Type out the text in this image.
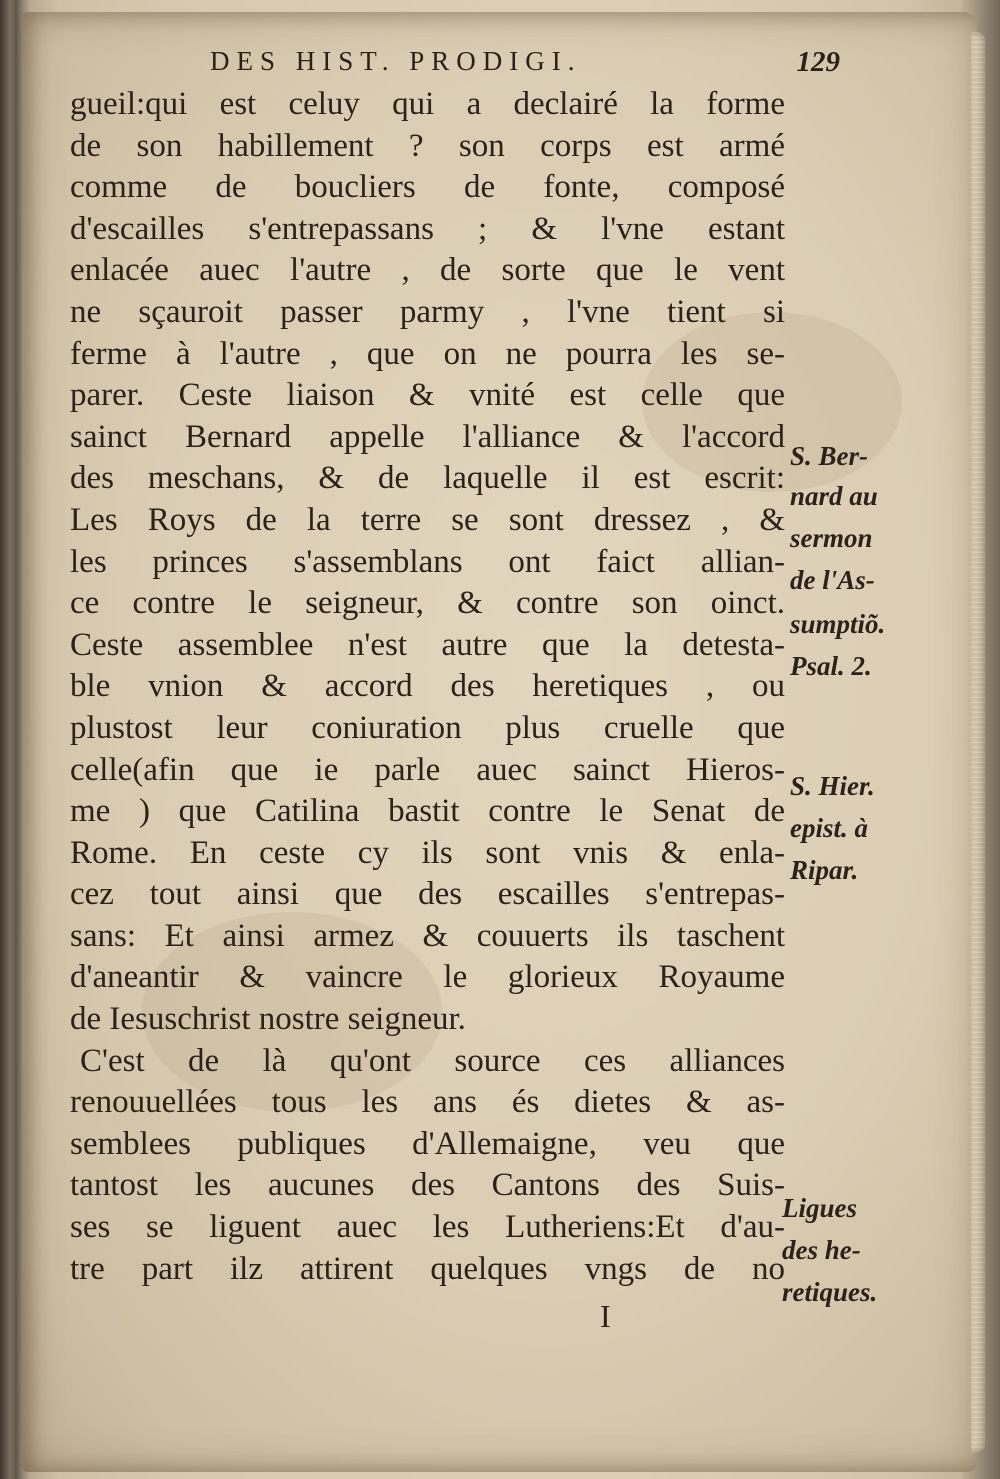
DES HIST. PRODIGI.	129
gueil:qui est celuy qui a declairé la forme
de son habillement ? son corps est armé
comme de boucliers de fonte, composé
d'escailles s'entrepassans ; & l'vne estant
enlacée auec l'autre , de sorte que le vent
ne sçauroit passer parmy , l'vne tient si
ferme à l'autre , que on ne pourra les se-
parer. Ceste liaison & vnité est celle que
sainct Bernard appelle l'alliance & l'accord
des meschans, & de laquelle il est escrit:
Les Roys de la terre se sont dressez , &
les princes s'assemblans ont faict allian-
ce contre le seigneur, & contre son oinct.
Ceste assemblee n'est autre que la detesta-
ble vnion & accord des heretiques , ou
plustost leur coniuration plus cruelle que
celle(afin que ie parle auec sainct Hieros-
me ) que Catilina bastit contre le Senat de
Rome. En ceste cy ils sont vnis & enla-
cez tout ainsi que des escailles s'entrepas-
sans: Et ainsi armez & couuerts ils taschent
d'aneantir & vaincre le glorieux Royaume
de Iesuschrist nostre seigneur.
C'est de là qu'ont source ces alliances
renouuellées tous les ans és dietes & as-
semblees publiques d'Allemaigne, veu que
tantost les aucunes des Cantons des Suis-
ses se liguent auec les Lutheriens:Et d'au-
tre part ilz attirent quelques vngs de no
S. Ber-
nard au
sermon
de l'As-
sumptiõ.
Psal. 2.
S. Hier.
epist. à
Ripar.
Ligues
des he-
retiques.
I
